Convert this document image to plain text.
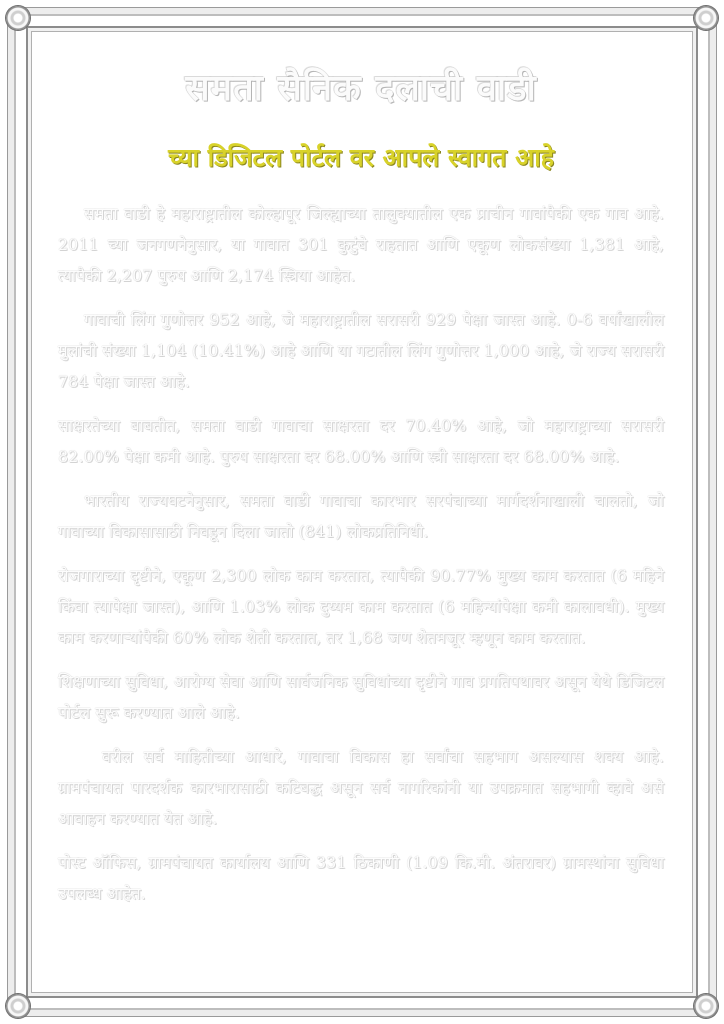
समता सैनिक दलाची वाडी
च्या डिजिटल पोर्टल वर आपले स्वागत आहे

समता वाडी हे महाराष्ट्रातील कोल्हापूर जिल्ह्याच्या तालुक्यातील एक प्राचीन गावांपैकी एक गाव आहे. 2011 च्या जनगणनेनुसार, या गावात 301 कुटुंबे राहतात आणि एकूण लोकसंख्या 1,381 आहे, त्यापैकी 2,207 पुरुष आणि 2,174 स्त्रिया आहेत.

गावाची लिंग गुणोत्तर 952 आहे, जे महाराष्ट्रातील सरासरी 929 पेक्षा जास्त आहे. 0-6 वर्षांखालील मुलांची संख्या 1,104 (10.41%) आहे आणि या गटातील लिंग गुणोत्तर 1,000 आहे, जे राज्य सरासरी 784 पेक्षा जास्त आहे.

साक्षरतेच्या बाबतीत, समता वाडी गावाचा साक्षरता दर 70.40% आहे, जो महाराष्ट्राच्या सरासरी 82.00% पेक्षा कमी आहे. पुरुष साक्षरता दर 68.00% आणि स्त्री साक्षरता दर 68.00% आहे.

भारतीय राज्यघटनेनुसार, समता वाडी गावाचा कारभार सरपंचाच्या मार्गदर्शनाखाली चालतो, जो गावाच्या विकासासाठी निवडून दिला जातो (841) लोकप्रतिनिधी.

रोजगाराच्या दृष्टीने, एकूण 2,300 लोक काम करतात, त्यापैकी 90.77% मुख्य काम करतात (6 महिने किंवा त्यापेक्षा जास्त), आणि 1.03% लोक दुय्यम काम करतात (6 महिन्यांपेक्षा कमी कालावधी). मुख्य काम करणाऱ्यांपैकी 60% लोक शेती करतात, तर 1,68 जण शेतमजूर म्हणून काम करतात.

शिक्षणाच्या सुविधा, आरोग्य सेवा आणि सार्वजनिक सुविधांच्या दृष्टीने गाव प्रगतिपथावर असून येथे डिजिटल पोर्टल सुरू करण्यात आले आहे.

वरील सर्व माहितीच्या आधारे, गावाचा विकास हा सर्वांचा सहभाग असल्यास शक्य आहे. ग्रामपंचायत पारदर्शक कारभारासाठी कटिबद्ध असून सर्व नागरिकांनी या उपक्रमात सहभागी व्हावे असे आवाहन करण्यात येत आहे.

पोस्ट ऑफिस, ग्रामपंचायत कार्यालय आणि 331 ठिकाणी (1.09 कि.मी. अंतरावर) ग्रामस्थांना सुविधा उपलब्ध आहेत.
